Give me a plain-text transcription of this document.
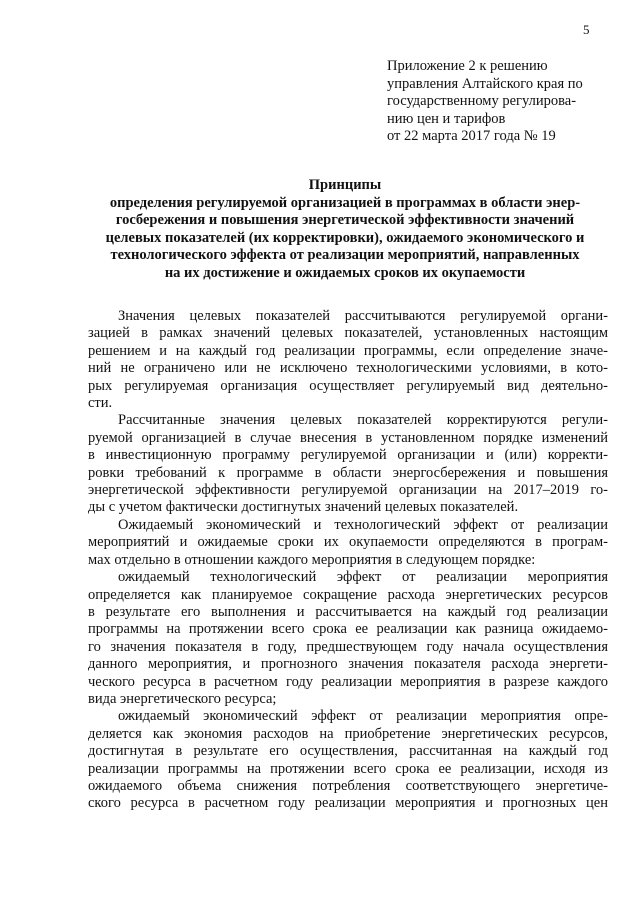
5
Приложение 2 к решению
управления Алтайского края по
государственному регулирова-
нию цен и тарифов
от 22 марта 2017 года № 19
Принципы
определения регулируемой организацией в программах в области энер-
госбережения и повышения энергетической эффективности значений
целевых показателей (их корректировки), ожидаемого экономического и
технологического эффекта от реализации мероприятий, направленных
на их достижение и ожидаемых сроков их окупаемости
Значения целевых показателей рассчитываются регулируемой органи-
зацией в рамках значений целевых показателей, установленных настоящим
решением и на каждый год реализации программы, если определение значе-
ний не ограничено или не исключено технологическими условиями, в кото-
рых регулируемая организация осуществляет регулируемый вид деятельно-
сти.
Рассчитанные значения целевых показателей корректируются регули-
руемой организацией в случае внесения в установленном порядке изменений
в инвестиционную программу регулируемой организации и (или) корректи-
ровки требований к программе в области энергосбережения и повышения
энергетической эффективности регулируемой организации на 2017–2019 го-
ды с учетом фактически достигнутых значений целевых показателей.
Ожидаемый экономический и технологический эффект от реализации
мероприятий и ожидаемые сроки их окупаемости определяются в програм-
мах отдельно в отношении каждого мероприятия в следующем порядке:
ожидаемый технологический эффект от реализации мероприятия
определяется как планируемое сокращение расхода энергетических ресурсов
в результате его выполнения и рассчитывается на каждый год реализации
программы на протяжении всего срока ее реализации как разница ожидаемо-
го значения показателя в году, предшествующем году начала осуществления
данного мероприятия, и прогнозного значения показателя расхода энергети-
ческого ресурса в расчетном году реализации мероприятия в разрезе каждого
вида энергетического ресурса;
ожидаемый экономический эффект от реализации мероприятия опре-
деляется как экономия расходов на приобретение энергетических ресурсов,
достигнутая в результате его осуществления, рассчитанная на каждый год
реализации программы на протяжении всего срока ее реализации, исходя из
ожидаемого объема снижения потребления соответствующего энергетиче-
ского ресурса в расчетном году реализации мероприятия и прогнозных цен
